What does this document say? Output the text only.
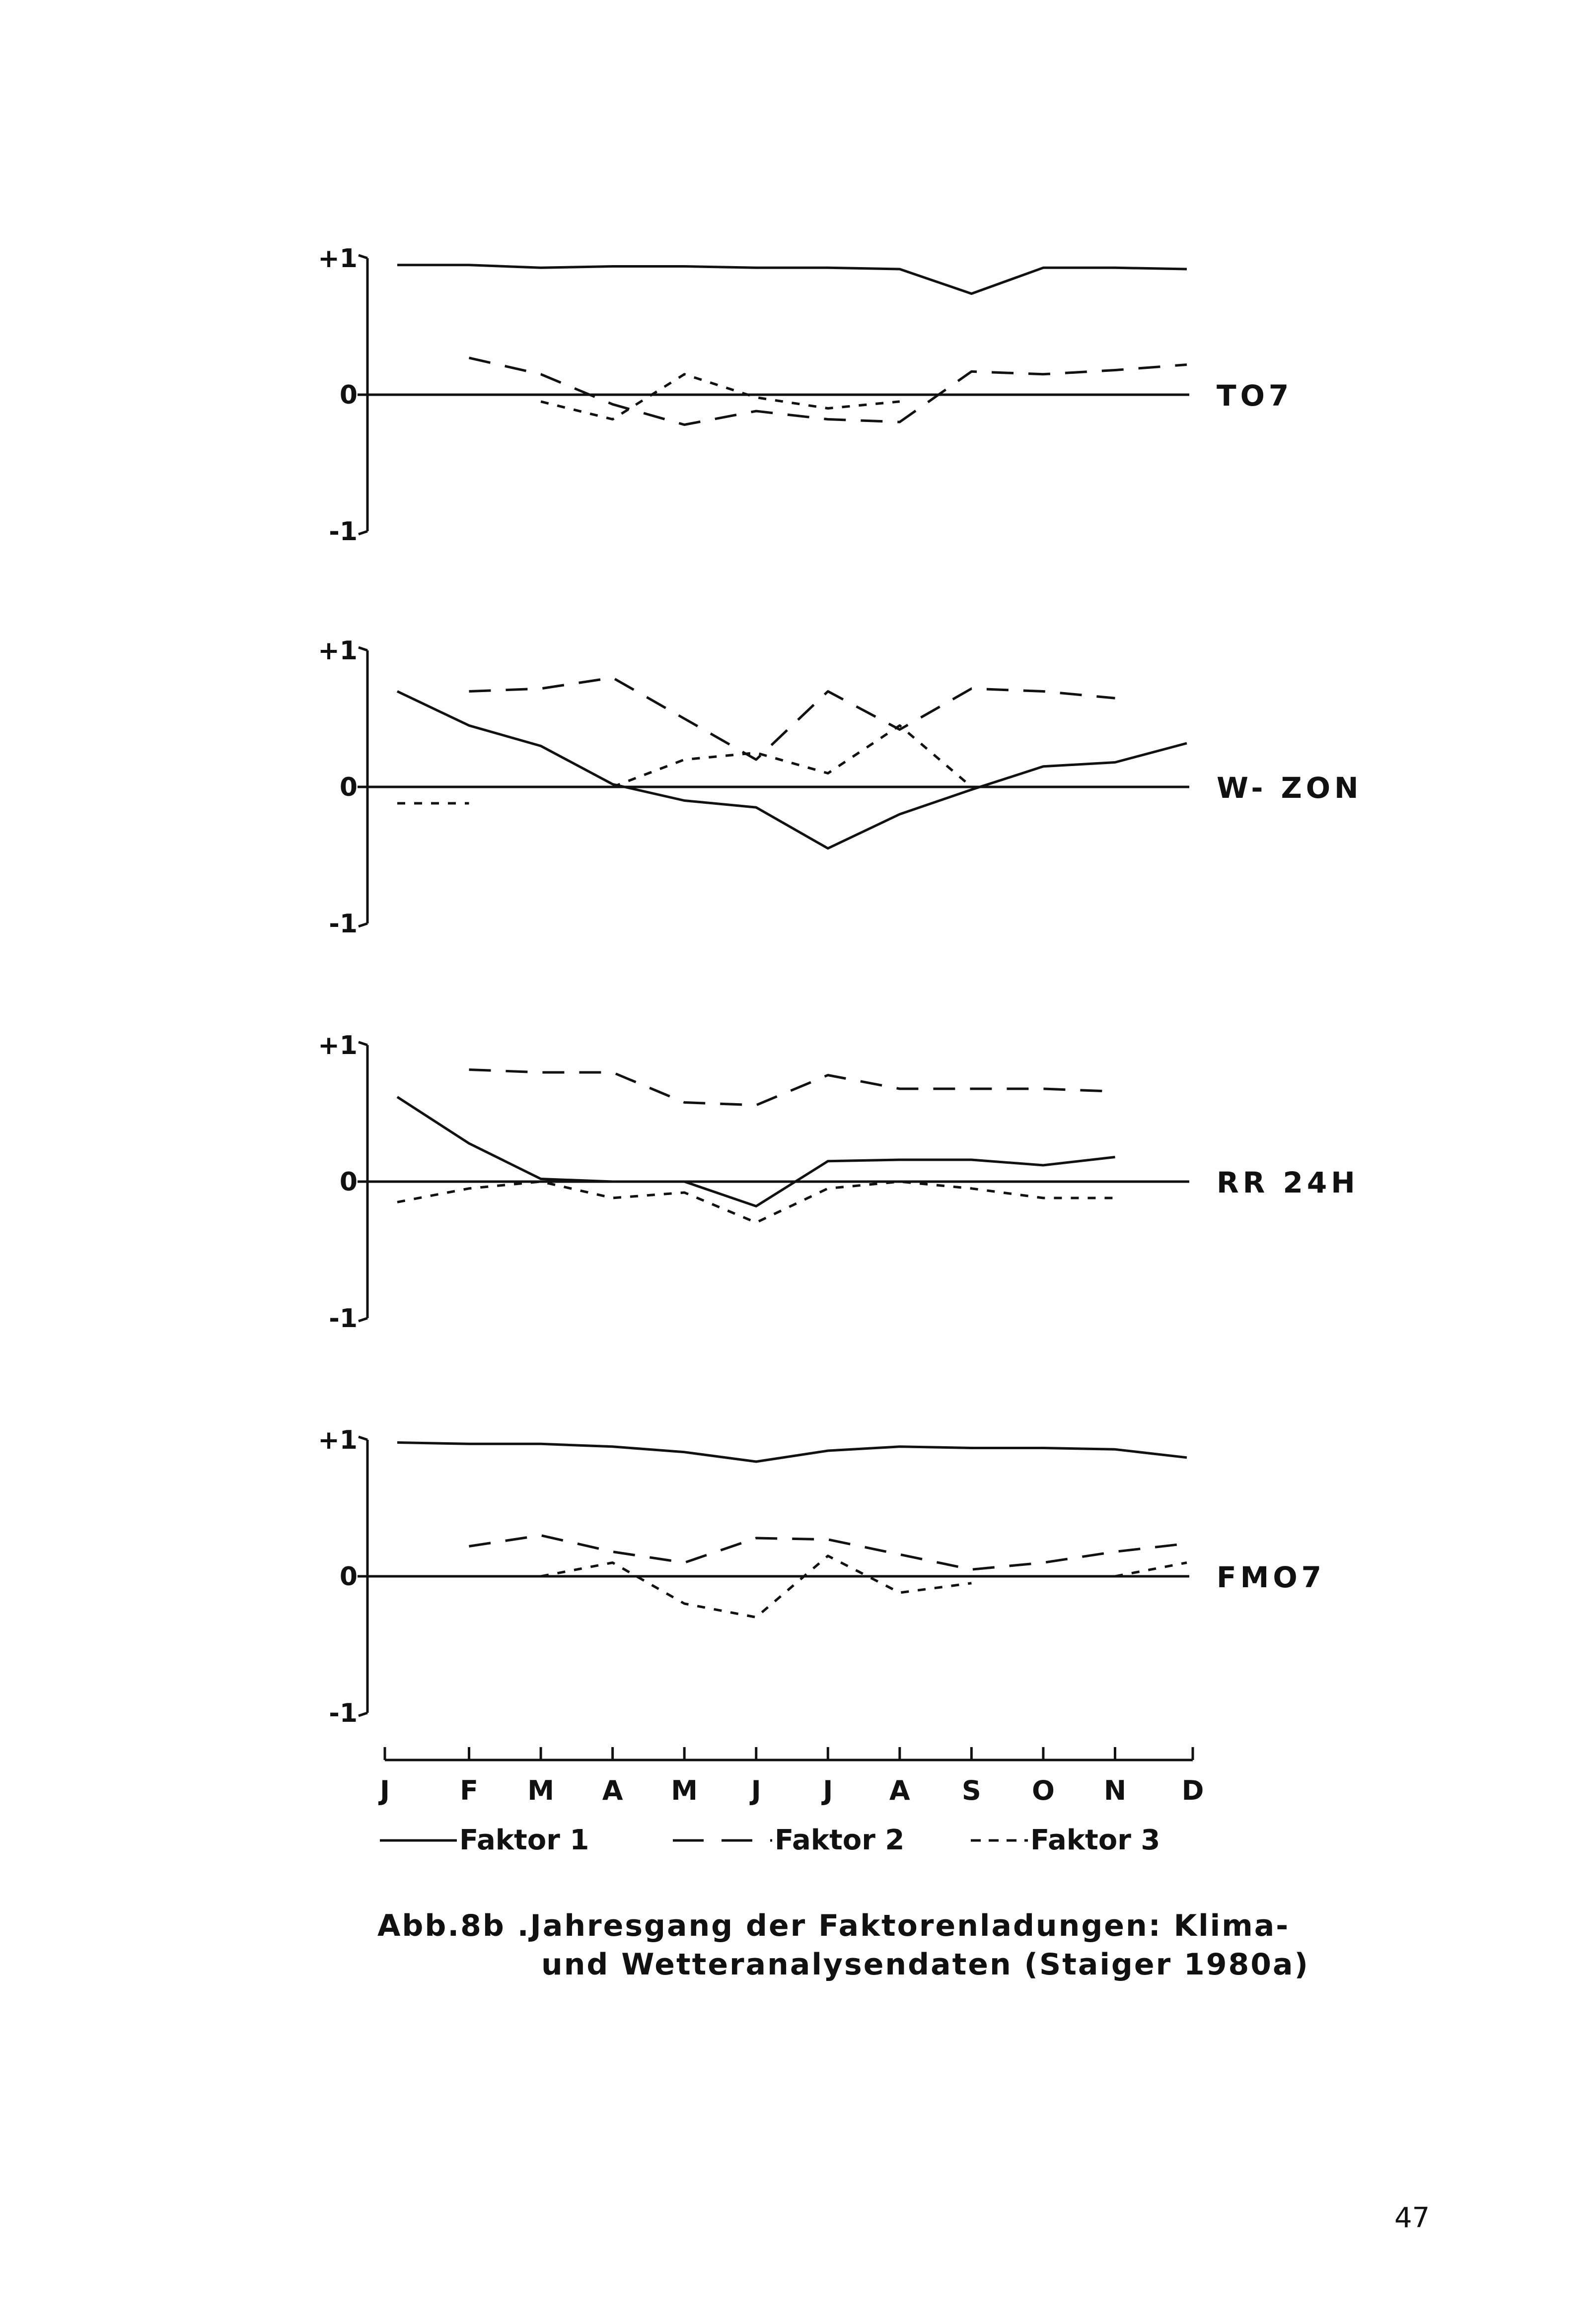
+1
0
-1
TO7
+1
0
-1
W- ZON
+1
0
-1
RR 24H
+1
0
-1
FMO7
J	F M A M J J A S O N D
Faktor 1	Faktor 2	Faktor 3
Abb.8b .Jahresgang der Faktorenladungen: Klima-
und Wetteranalysendaten (Staiger 1980a)
47
